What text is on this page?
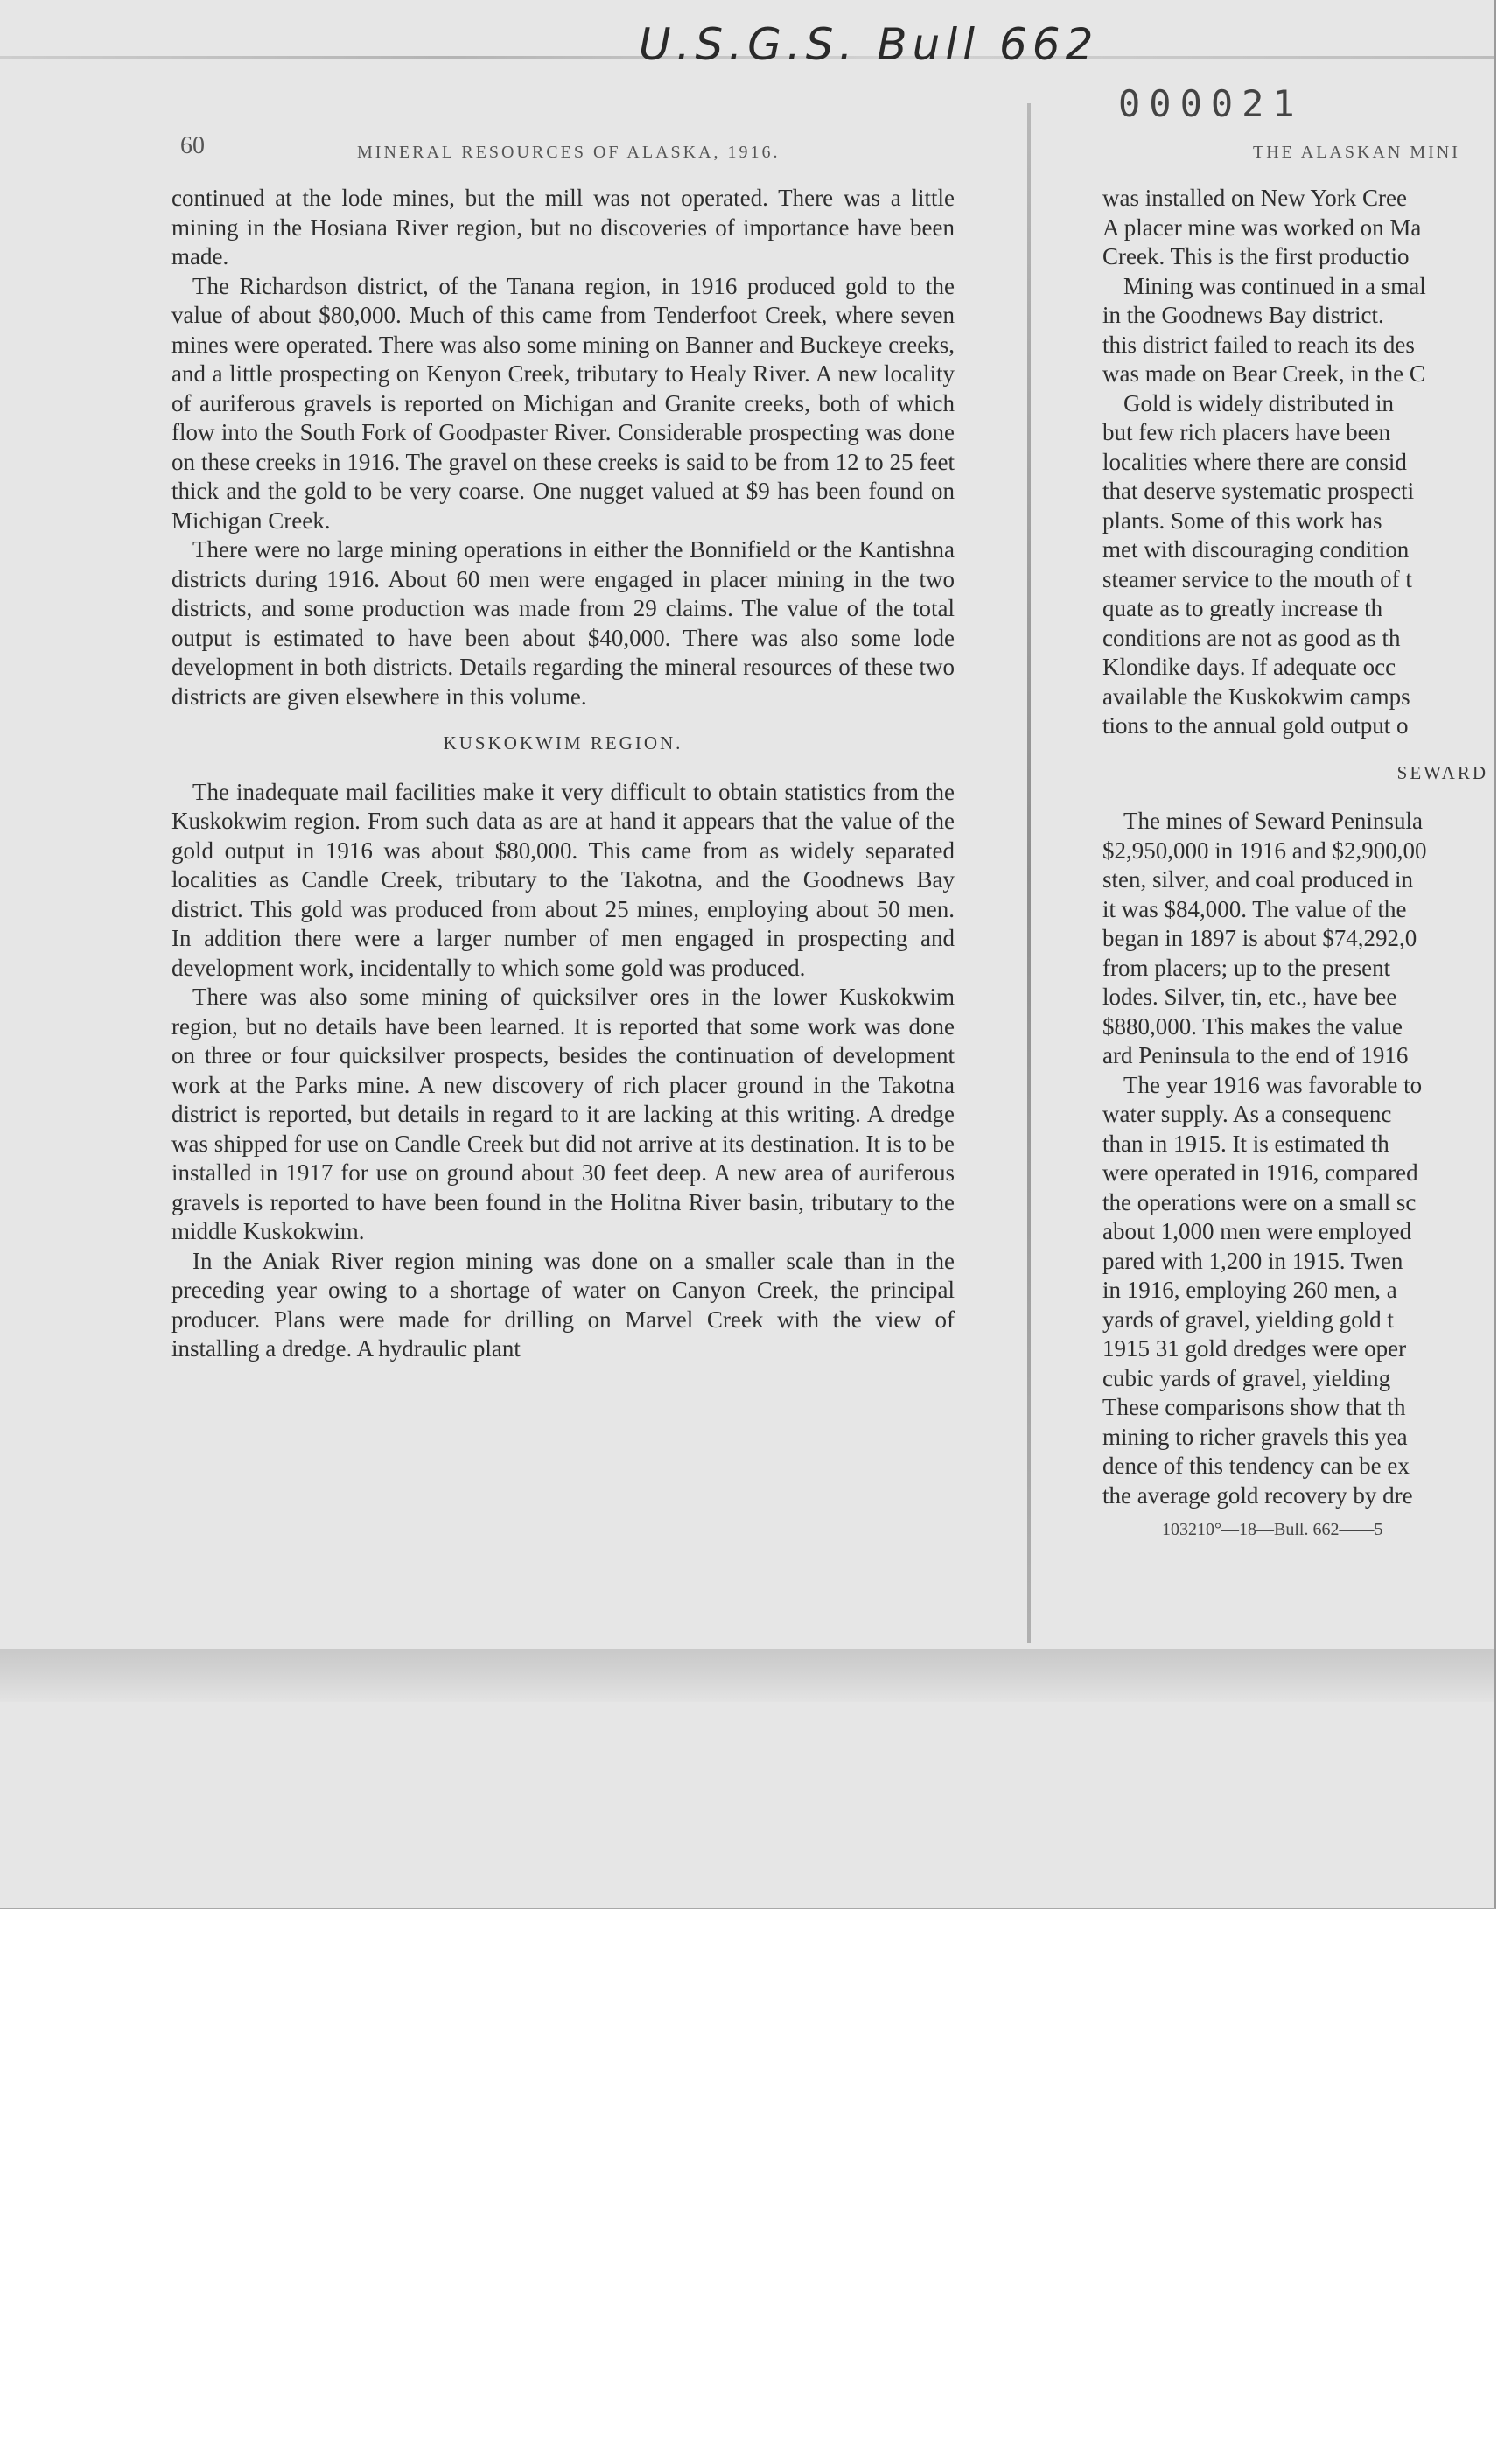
U.S.G.S. Bull 662
000021
60	MINERAL RESOURCES OF ALASKA, 1916.

continued at the lode mines, but the mill was not operated. There was a little mining in the Hosiana River region, but no discoveries of importance have been made.

The Richardson district, of the Tanana region, in 1916 produced gold to the value of about $80,000. Much of this came from Tenderfoot Creek, where seven mines were operated. There was also some mining on Banner and Buckeye creeks, and a little prospecting on Kenyon Creek, tributary to Healy River. A new locality of auriferous gravels is reported on Michigan and Granite creeks, both of which flow into the South Fork of Goodpaster River. Considerable prospecting was done on these creeks in 1916. The gravel on these creeks is said to be from 12 to 25 feet thick and the gold to be very coarse. One nugget valued at $9 has been found on Michigan Creek.

There were no large mining operations in either the Bonnifield or the Kantishna districts during 1916. About 60 men were engaged in placer mining in the two districts, and some production was made from 29 claims. The value of the total output is estimated to have been about $40,000. There was also some lode development in both districts. Details regarding the mineral resources of these two districts are given elsewhere in this volume.

KUSKOKWIM REGION.

The inadequate mail facilities make it very difficult to obtain statistics from the Kuskokwim region. From such data as are at hand it appears that the value of the gold output in 1916 was about $80,000. This came from as widely separated localities as Candle Creek, tributary to the Takotna, and the Goodnews Bay district. This gold was produced from about 25 mines, employing about 50 men. In addition there were a larger number of men engaged in prospecting and development work, incidentally to which some gold was produced.

There was also some mining of quicksilver ores in the lower Kuskokwim region, but no details have been learned. It is reported that some work was done on three or four quicksilver prospects, besides the continuation of development work at the Parks mine. A new discovery of rich placer ground in the Takotna district is reported, but details in regard to it are lacking at this writing. A dredge was shipped for use on Candle Creek but did not arrive at its destination. It is to be installed in 1917 for use on ground about 30 feet deep. A new area of auriferous gravels is reported to have been found in the Holitna River basin, tributary to the middle Kuskokwim.

In the Aniak River region mining was done on a smaller scale than in the preceding year owing to a shortage of water on Canyon Creek, the principal producer. Plans were made for drilling on Marvel Creek with the view of installing a dredge. A hydraulic plant

THE ALASKAN MINI
was installed on New York Cree
A placer mine was worked on Ma
Creek. This is the first productio
Mining was continued in a smal
in the Goodnews Bay district.
this district failed to reach its des
was made on Bear Creek, in the C
Gold is widely distributed in
but few rich placers have been
localities where there are consid
that deserve systematic prospecti
plants. Some of this work has
met with discouraging condition
steamer service to the mouth of t
quate as to greatly increase th
conditions are not as good as th
Klondike days. If adequate occ
available the Kuskokwim camps
tions to the annual gold output o
SEWARD
The mines of Seward Peninsula
$2,950,000 in 1916 and $2,900,00
sten, silver, and coal produced in
it was $84,000. The value of the
began in 1897 is about $74,292,0
from placers; up to the present
lodes. Silver, tin, etc., have bee
$880,000. This makes the value
ard Peninsula to the end of 1916
The year 1916 was favorable to
water supply. As a consequenc
than in 1915. It is estimated th
were operated in 1916, compared
the operations were on a small sc
about 1,000 men were employed
pared with 1,200 in 1915. Twen
in 1916, employing 260 men, a
yards of gravel, yielding gold t
1915 31 gold dredges were oper
cubic yards of gravel, yielding
These comparisons show that th
mining to richer gravels this yea
dence of this tendency can be ex
the average gold recovery by dre
103210°—18—Bull. 662——5
